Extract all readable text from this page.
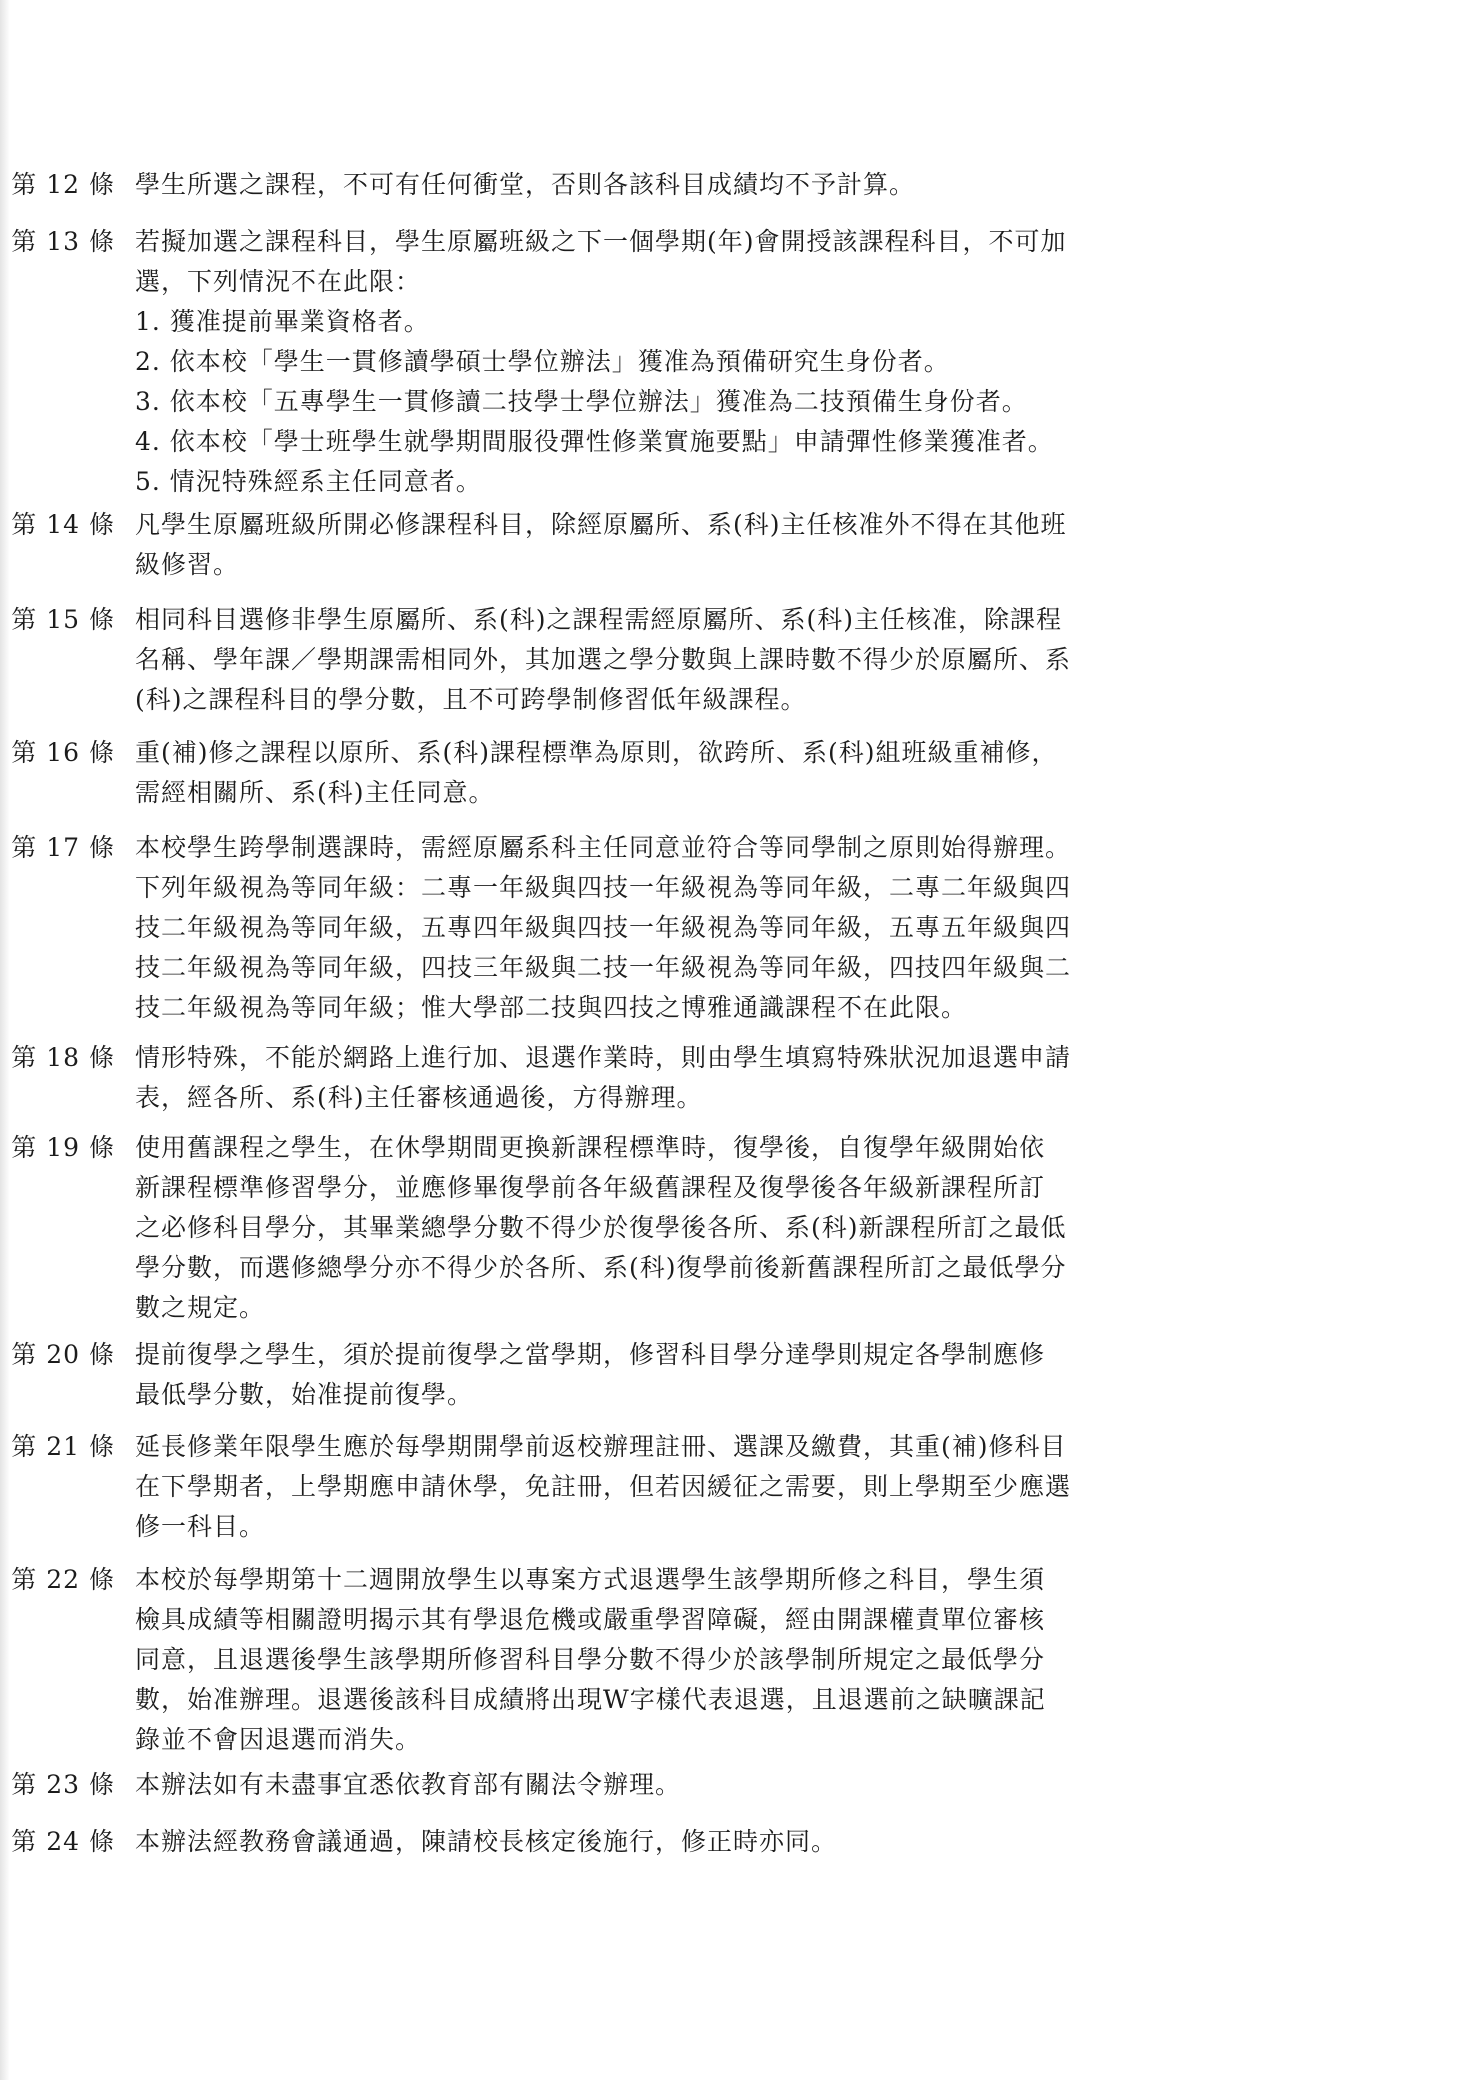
第 12 條 學生所選之課程，不可有任何衝堂，否則各該科目成績均不予計算。
第 13 條 若擬加選之課程科目，學生原屬班級之下一個學期(年)會開授該課程科目，不可加
選，下列情況不在此限：
1. 獲准提前畢業資格者。
2. 依本校「學生一貫修讀學碩士學位辦法」獲准為預備研究生身份者。
3. 依本校「五專學生一貫修讀二技學士學位辦法」獲准為二技預備生身份者。
4. 依本校「學士班學生就學期間服役彈性修業實施要點」申請彈性修業獲准者。
5. 情況特殊經系主任同意者。
第 14 條 凡學生原屬班級所開必修課程科目，除經原屬所、系(科)主任核准外不得在其他班
級修習。
第 15 條 相同科目選修非學生原屬所、系(科)之課程需經原屬所、系(科)主任核准，除課程
名稱、學年課／學期課需相同外，其加選之學分數與上課時數不得少於原屬所、系
(科)之課程科目的學分數，且不可跨學制修習低年級課程。
第 16 條 重(補)修之課程以原所、系(科)課程標準為原則，欲跨所、系(科)組班級重補修，
需經相關所、系(科)主任同意。
第 17 條 本校學生跨學制選課時，需經原屬系科主任同意並符合等同學制之原則始得辦理。
下列年級視為等同年級：二專一年級與四技一年級視為等同年級，二專二年級與四
技二年級視為等同年級，五專四年級與四技一年級視為等同年級，五專五年級與四
技二年級視為等同年級，四技三年級與二技一年級視為等同年級，四技四年級與二
技二年級視為等同年級；惟大學部二技與四技之博雅通識課程不在此限。
第 18 條 情形特殊，不能於網路上進行加、退選作業時，則由學生填寫特殊狀況加退選申請
表，經各所、系(科)主任審核通過後，方得辦理。
第 19 條 使用舊課程之學生，在休學期間更換新課程標準時，復學後，自復學年級開始依
新課程標準修習學分，並應修畢復學前各年級舊課程及復學後各年級新課程所訂
之必修科目學分，其畢業總學分數不得少於復學後各所、系(科)新課程所訂之最低
學分數，而選修總學分亦不得少於各所、系(科)復學前後新舊課程所訂之最低學分
數之規定。
第 20 條 提前復學之學生，須於提前復學之當學期，修習科目學分達學則規定各學制應修
最低學分數，始准提前復學。
第 21 條 延長修業年限學生應於每學期開學前返校辦理註冊、選課及繳費，其重(補)修科目
在下學期者，上學期應申請休學，免註冊，但若因緩征之需要，則上學期至少應選
修一科目。
第 22 條 本校於每學期第十二週開放學生以專案方式退選學生該學期所修之科目，學生須
檢具成績等相關證明揭示其有學退危機或嚴重學習障礙，經由開課權責單位審核
同意，且退選後學生該學期所修習科目學分數不得少於該學制所規定之最低學分
數，始准辦理。退選後該科目成績將出現W字樣代表退選，且退選前之缺曠課記
錄並不會因退選而消失。
第 23 條 本辦法如有未盡事宜悉依教育部有關法令辦理。
第 24 條 本辦法經教務會議通過，陳請校長核定後施行，修正時亦同。
